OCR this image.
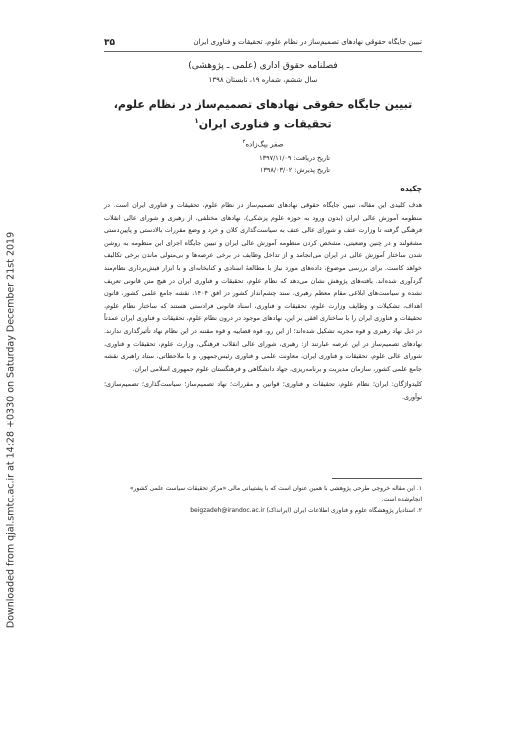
Downloaded from qjal.smtc.ac.ir at 14:28 +0330 on Saturday December 21st 2019
تبیین جایگاه حقوقی نهادهای تصمیم‌ساز در نظام علوم، تحقیقات و فناوری ایران
۳۵
فصلنامه حقوق اداری (علمی ـ پژوهشی)
سال ششم، شماره ۱۹، تابستان ۱۳۹۸
تبیین جایگاه حقوقی نهادهای تصمیم‌ساز در نظام علوم،
تحقیقات و فناوری ایران$^۱$
صفر بیگ‌زاده$^۲$
تاریخ دریافت: ۱۳۹۷/۱۱/۰۹
تاریخ پذیرش: ۱۳۹۸/۰۳/۰۲
چکیده
هدف کلیدی این مقاله، تبیین جایگاه حقوقی نهادهای تصمیم‌ساز در نظام علوم، تحقیقات و فناوری ایران است. در منظومه آموزش عالی ایران (بدون ورود به حوزه علوم پزشکی)، نهادهای مختلفی، از رهبری و شورای عالی انقلاب فرهنگی گرفته تا وزارت عتف و شورای عالی عتف به سیاست‌گذاری کلان و خرد و وضع مقررات بالادستی و پایین‌دستی مشغولند و در چنین وضعیتی، مشخص کردن منظومه آموزش عالی ایران و تبیین جایگاه اجزای این منظومه به روشن شدن ساختار آموزش عالی در ایران می‌انجامد و از تداخل وظایف در برخی عرصه‌ها و بی‌متولی ماندن برخی تکالیف خواهد کاست. برای بررسی موضوع، داده‌های مورد نیاز با مطالعهٔ اسنادی و کتابخانه‌ای و با ابزار فیش‌برداری نظام‌مند گردآوری شده‌اند. یافته‌های پژوهش نشان می‌دهد که نظام علوم، تحقیقات و فناوری ایران در هیچ متن قانونی تعریف نشده و سیاست‌های ابلاغی مقام معظم رهبری، سند چشم‌انداز کشور در افق ۱۴۰۴، نقشه جامع علمی کشور، قانون اهداف، تشکیلات و وظایف وزارت علوم، تحقیقات و فناوری، اسناد قانونی فرادستی هستند که ساختار نظام علوم، تحقیقات و فناوری ایران را با ساختاری افقی بر این، نهادهای موجود در درون نظام علوم، تحقیقات و فناوری ایران عمدتاً در ذیل نهاد رهبری و قوه مجریه تشکیل شده‌اند؛ از این رو، قوه قضاییه و قوه مقننه در این نظام نهاد تأثیرگذاری ندارند. نهادهای تصمیم‌ساز در این عرصه عبارتند از: رهبری، شورای عالی انقلاب فرهنگی، وزارت علوم، تحقیقات و فناوری، شورای عالی علوم، تحقیقات و فناوری ایران، معاونت علمی و فناوری رئیس‌جمهور، و با ملاحظاتی، ستاد راهبری نقشه جامع علمی کشور، سازمان مدیریت و برنامه‌ریزی، جهاد دانشگاهی و فرهنگستان علوم جمهوری اسلامی ایران.
کلیدواژگان: ایران؛ نظام علوم، تحقیقات و فناوری؛ قوانین و مقررات؛ نهاد تصمیم‌ساز؛ سیاست‌گذاری؛ تصمیم‌سازی؛ نوآوری.
۱. این مقاله خروجی طرحی پژوهشی با همین عنوان است که با پشتیبانی مالی «مرکز تحقیقات سیاست علمی کشور» انجام‌شده است.
۲. استادیار پژوهشگاه علوم و فناوری اطلاعات ایران (ایرانداک) beigzadeh@irandoc.ac.ir
